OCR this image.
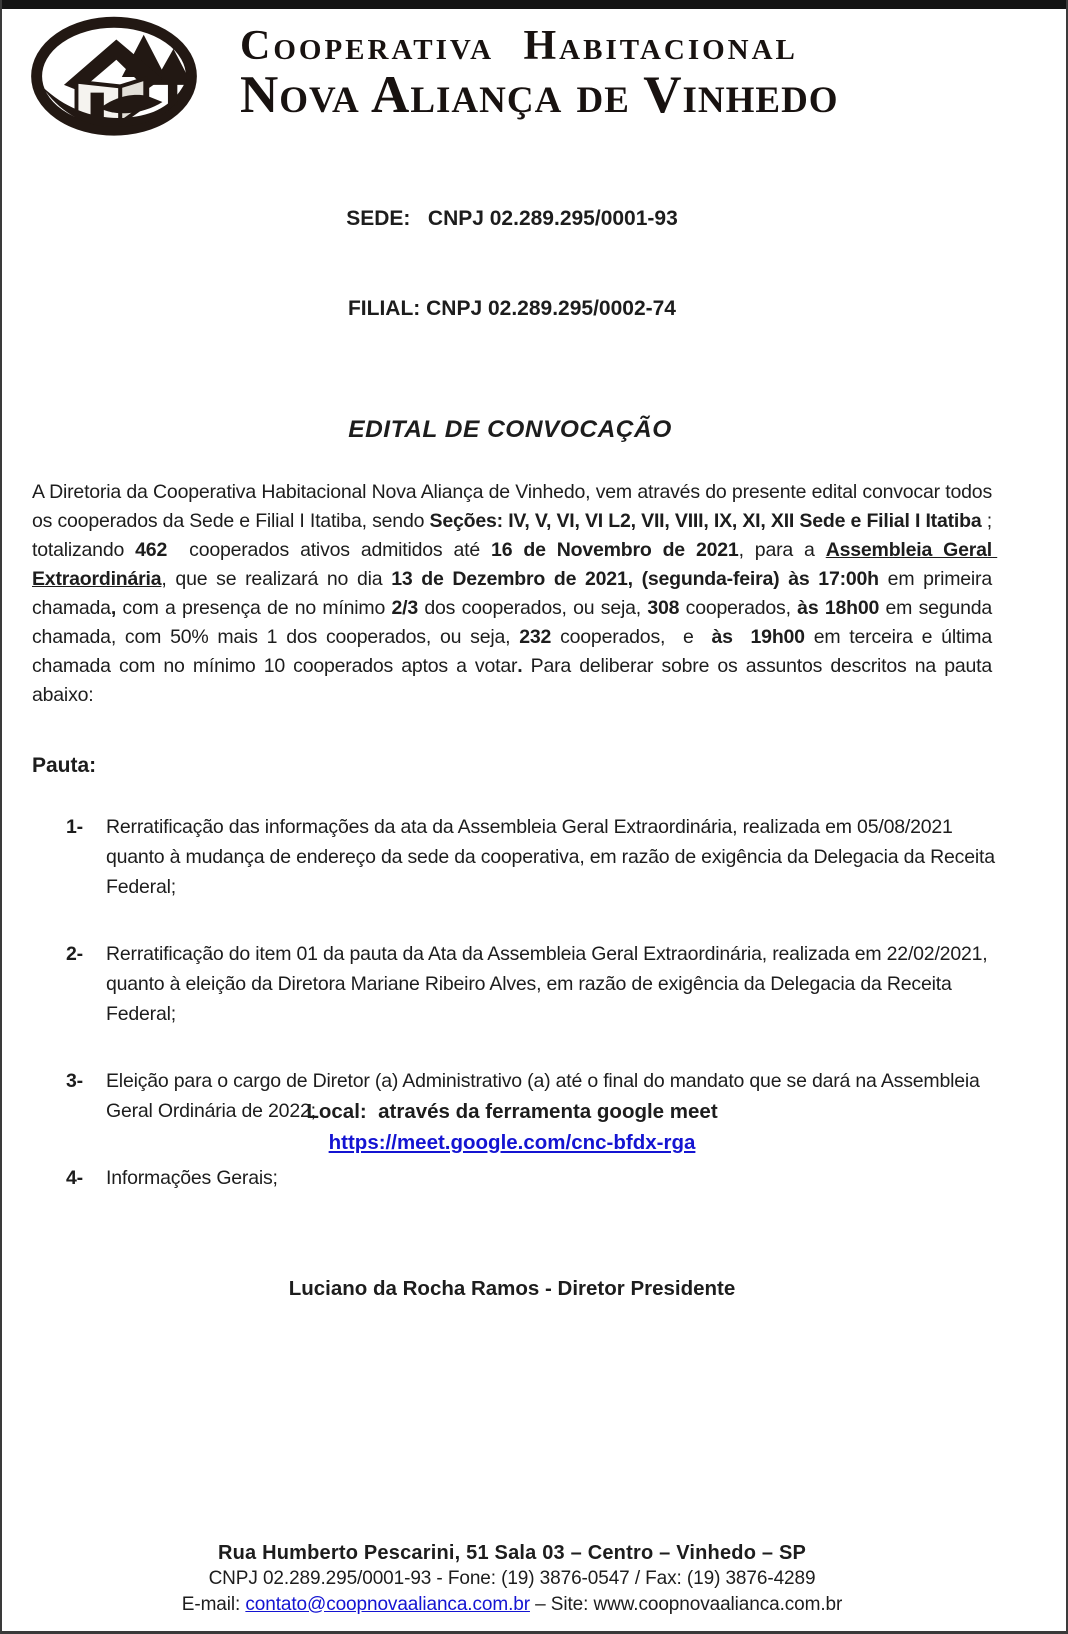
Cooperativa Habitacional
Nova Aliança de Vinhedo

SEDE:   CNPJ 02.289.295/0001-93

FILIAL: CNPJ 02.289.295/0002-74

EDITAL DE CONVOCAÇÃO

A Diretoria da Cooperativa Habitacional Nova Aliança de Vinhedo, vem através do presente edital convocar todos os cooperados da Sede e Filial I Itatiba, sendo Seções: IV, V, VI, VI L2, VII, VIII, IX, XI, XII Sede e Filial I Itatiba ; totalizando 462  cooperados ativos admitidos até 16 de Novembro de 2021, para a Assembleia Geral Extraordinária, que se realizará no dia 13 de Dezembro de 2021, (segunda-feira) às 17:00h em primeira chamada, com a presença de no mínimo 2/3 dos cooperados, ou seja, 308 cooperados, às 18h00 em segunda chamada, com 50% mais 1 dos cooperados, ou seja, 232 cooperados,  e  às  19h00 em terceira e última chamada com no mínimo 10 cooperados aptos a votar. Para deliberar sobre os assuntos descritos na pauta abaixo:

Pauta:

1-	Rerratificação das informações da ata da Assembleia Geral Extraordinária, realizada em 05/08/2021 quanto à mudança de endereço da sede da cooperativa, em razão de exigência da Delegacia da Receita Federal;
2-	Rerratificação do item 01 da pauta da Ata da Assembleia Geral Extraordinária, realizada em 22/02/2021, quanto à eleição da Diretora Mariane Ribeiro Alves, em razão de exigência da Delegacia da Receita Federal;
3-	Eleição para o cargo de Diretor (a) Administrativo (a) até o final do mandato que se dará na Assembleia Geral Ordinária de 2022;
4-	Informações Gerais;
Local:  através da ferramenta google meet
https://meet.google.com/cnc-bfdx-rga
Luciano da Rocha Ramos - Diretor Presidente
Rua Humberto Pescarini, 51 Sala 03 – Centro – Vinhedo – SP
CNPJ 02.289.295/0001-93 - Fone: (19) 3876-0547 / Fax: (19) 3876-4289
E-mail: contato@coopnovaalianca.com.br – Site: www.coopnovaalianca.com.br
